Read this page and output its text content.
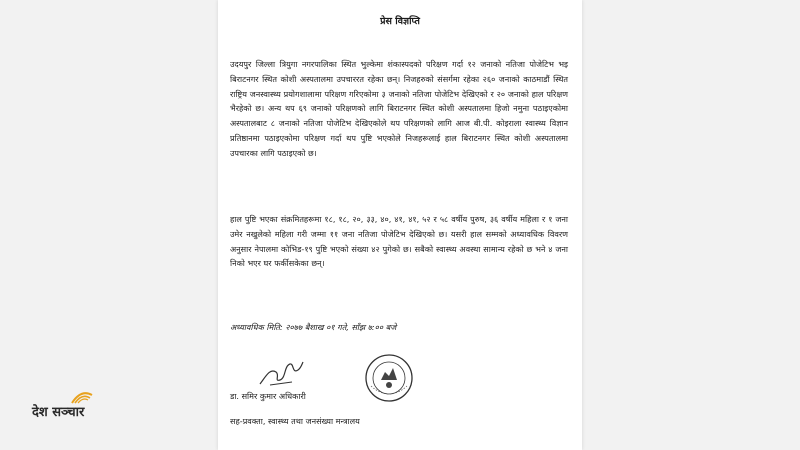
प्रेस विज्ञप्ति

उदयपुर जिल्ला त्रियुगा नगरपालिका स्थित भुल्केमा शंकास्पदको परिक्षण गर्दा १२ जनाको नतिजा पोजेटिभ भइ बिराटनगर स्थित कोशी अस्पतालमा उपचाररत रहेका छन्। निजहरुको संसर्गमा रहेका २६० जनाको काठमाडौं स्थित राष्ट्रिय जनस्वास्थ्य प्रयोगशालामा परिक्षण गरिएकोमा ३ जनाको नतिजा पोजेटिभ देखिएको र २० जनाको हाल परिक्षण भैरहेको छ। अन्य थप ६९ जनाको परिक्षणको लागि बिराटनगर स्थित कोशी अस्पतालमा हिजो नमुना पठाइएकोमा अस्पतालबाट ८ जनाको नतिजा पोजेटिभ देखिएकोले थप परिक्षणको लागि आज बी.पी. कोइराला स्वास्थ्य विज्ञान प्रतिष्ठानमा पठाइएकोमा परिक्षण गर्दा थप पुष्टि भएकोले निजहरूलाई हाल बिराटनगर स्थित कोशी अस्पतालमा उपचारका लागि पठाइएको छ।

हाल पुष्टि भएका संक्रमितहरूमा १८, १८, २०, ३३, ४०, ४१, ४१, ५२ र ५८ वर्षीय पुरुष, ३६ वर्षीय महिला र १ जना उमेर नखुलेको महिला गरी जम्मा ११ जना नतिजा पोजेटिभ देखिएको छ। यसरी हाल सम्मको अध्यावधिक विवरण अनुसार नेपालमा कोभिड-१९ पुष्टि भएको संख्या ४२ पुगेको छ। सबैको स्वास्थ्य अवस्था सामान्य रहेको छ भने ४ जना निको भएर घर फर्कीसकेका छन्।

अध्यावधिक मिति: २०७७ बैशाख ०१ गते, साँझ ७:०० बजे
डा. समिर कुमार अधिकारी
सह-प्रवक्ता, स्वास्थ्य तथा जनसंख्या मन्त्रालय
देश सञ्चार
